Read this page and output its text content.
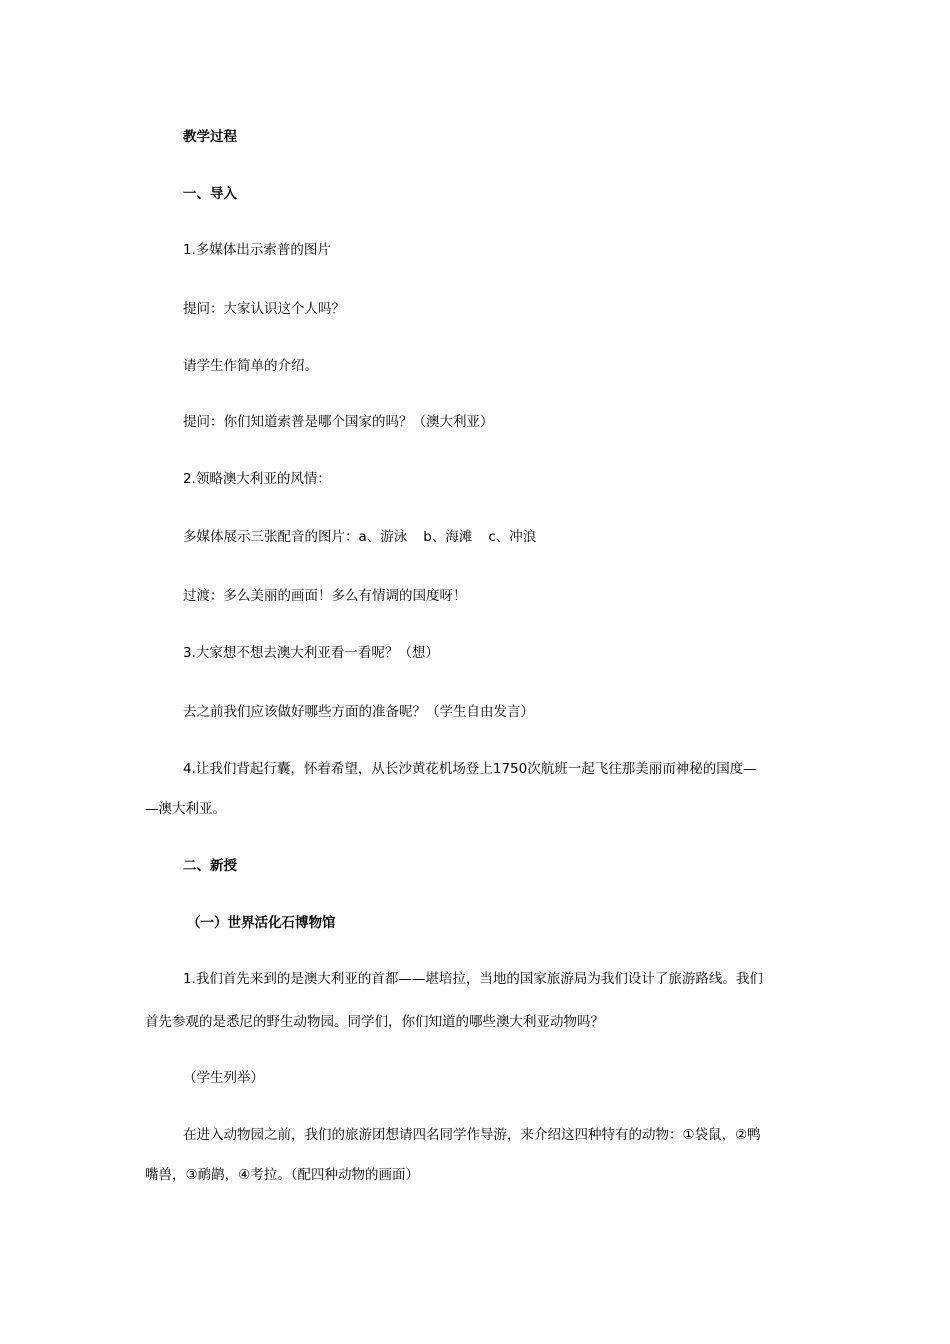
教学过程
一、导入
1.多媒体出示索普的图片
提问：大家认识这个人吗？
请学生作简单的介绍。
提问：你们知道索普是哪个国家的吗？（澳大利亚）
2.领略澳大利亚的风情：
多媒体展示三张配音的图片：a、游泳 b、海滩 c、冲浪
过渡：多么美丽的画面！多么有情调的国度呀！
3.大家想不想去澳大利亚看一看呢？（想）
去之前我们应该做好哪些方面的准备呢？（学生自由发言）
4.让我们背起行囊，怀着希望，从长沙黄花机场登上1750次航班一起飞往那美丽而神秘的国度—
—澳大利亚。
二、新授
（一）世界活化石博物馆
1.我们首先来到的是澳大利亚的首都——堪培拉，当地的国家旅游局为我们设计了旅游路线。我们
首先参观的是悉尼的野生动物园。同学们，你们知道的哪些澳大利亚动物吗？
（学生列举）
在进入动物园之前，我们的旅游团想请四名同学作导游，来介绍这四种特有的动物：①袋鼠，②鸭
嘴兽，③鸸鹋，④考拉。（配四种动物的画面）
